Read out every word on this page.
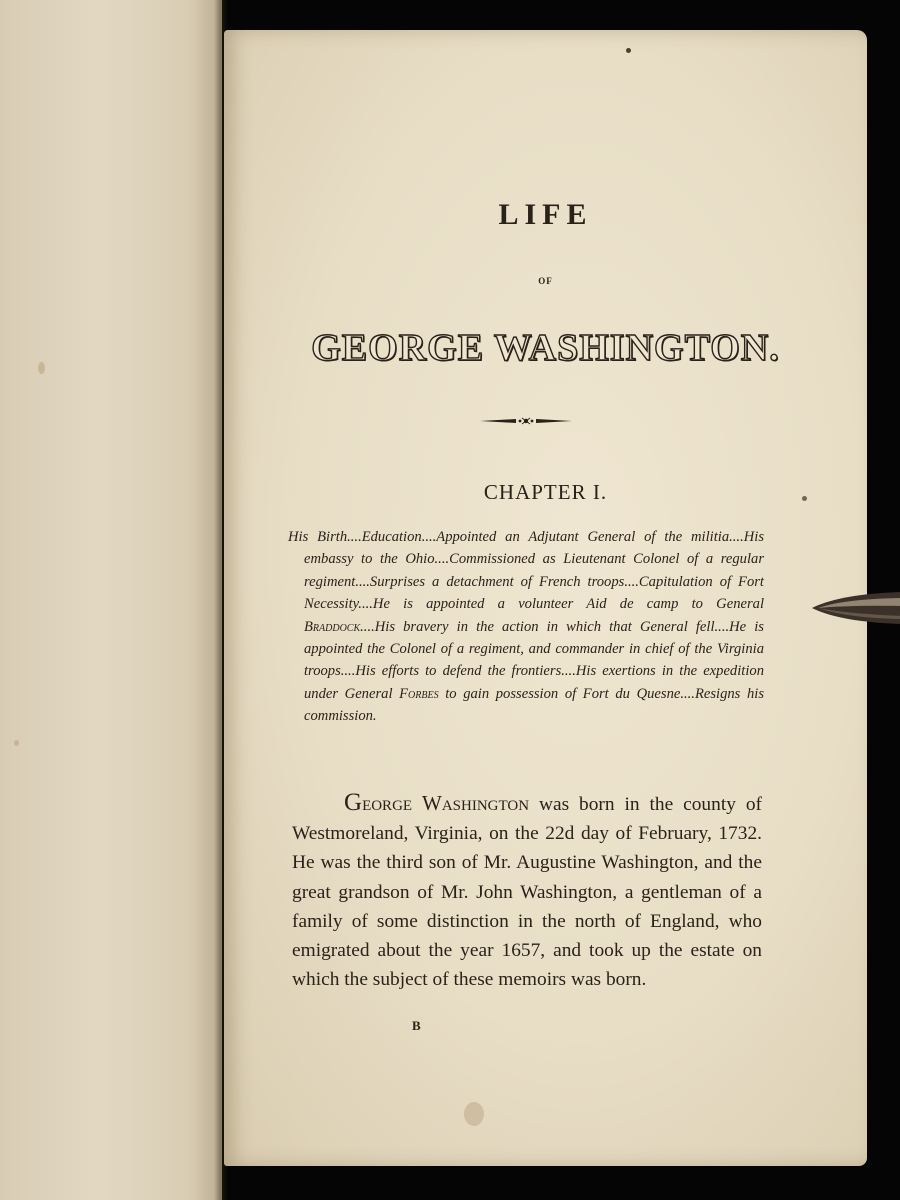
LIFE
OF
GEORGE WASHINGTON.
CHAPTER I.
His Birth....Education....Appointed an Adjutant General of the militia....His embassy to the Ohio....Commissioned as Lieutenant Colonel of a regular regiment....Surprises a detachment of French troops....Capitulation of Fort Necessity....He is appointed a volunteer Aid de camp to General Braddock....His bravery in the action in which that General fell....He is appointed the Colonel of a regiment, and commander in chief of the Virginia troops....His efforts to defend the frontiers....His exertions in the expedition under General Forbes to gain possession of Fort du Quesne....Resigns his commission.
George Washington was born in the county of Westmoreland, Virginia, on the 22d day of February, 1732. He was the third son of Mr. Augustine Washington, and the great grandson of Mr. John Washington, a gentleman of a family of some distinction in the north of England, who emigrated about the year 1657, and took up the estate on which the subject of these memoirs was born.
B
